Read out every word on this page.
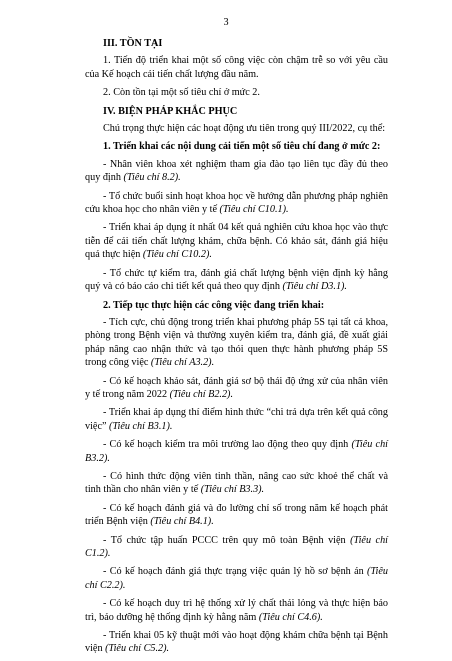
3

III. TỒN TẠI

1. Tiến độ triển khai một số công việc còn chậm trễ so với yêu cầu của Kế hoạch cải tiến chất lượng đầu năm.

2. Còn tồn tại một số tiêu chí ở mức 2.

IV. BIỆN PHÁP KHẮC PHỤC

Chú trọng thực hiện các hoạt động ưu tiên trong quý III/2022, cụ thể:

1. Triển khai các nội dung cải tiến một số tiêu chí đang ở mức 2:

- Nhân viên khoa xét nghiệm tham gia đào tạo liên tục đầy đủ theo quy định (Tiêu chí 8.2).

- Tổ chức buổi sinh hoạt khoa học về hướng dẫn phương pháp nghiên cứu khoa học cho nhân viên y tế (Tiêu chí C10.1).

- Triển khai áp dụng ít nhất 04 kết quả nghiên cứu khoa học vào thực tiễn để cải tiến chất lượng khám, chữa bệnh. Có khảo sát, đánh giá hiệu quả thực hiện (Tiêu chí C10.2).

- Tổ chức tự kiểm tra, đánh giá chất lượng bệnh viện định kỳ hằng quý và có báo cáo chi tiết kết quả theo quy định (Tiêu chí D3.1).

2. Tiếp tục thực hiện các công việc đang triển khai:

- Tích cực, chủ động trong triển khai phương pháp 5S tại tất cả khoa, phòng trong Bệnh viện và thường xuyên kiểm tra, đánh giá, đề xuất giải pháp nâng cao nhận thức và tạo thói quen thực hành phương pháp 5S trong công việc (Tiêu chí A3.2).

- Có kế hoạch khảo sát, đánh giá sơ bộ thái độ ứng xử của nhân viên y tế trong năm 2022 (Tiêu chí B2.2).

- Triển khai áp dụng thí điểm hình thức “chi trả dựa trên kết quả công việc” (Tiêu chí B3.1).

- Có kế hoạch kiểm tra môi trường lao động theo quy định (Tiêu chí B3.2).

- Có hình thức động viên tinh thần, nâng cao sức khoẻ thể chất và tinh thần cho nhân viên y tế (Tiêu chí B3.3).

- Có kế hoạch đánh giá và đo lường chỉ số trong năm kế hoạch phát triển Bệnh viện (Tiêu chí B4.1).

- Tổ chức tập huấn PCCC trên quy mô toàn Bệnh viện (Tiêu chí C1.2).

- Có kế hoạch đánh giá thực trạng việc quản lý hồ sơ bệnh án (Tiêu chí C2.2).

- Có kế hoạch duy trì hệ thống xử lý chất thải lỏng và thực hiện bảo trì, bảo dưỡng hệ thống định kỳ hằng năm (Tiêu chí C4.6).

- Triển khai 05 kỹ thuật mới vào hoạt động khám chữa bệnh tại Bệnh viện (Tiêu chí C5.2).
